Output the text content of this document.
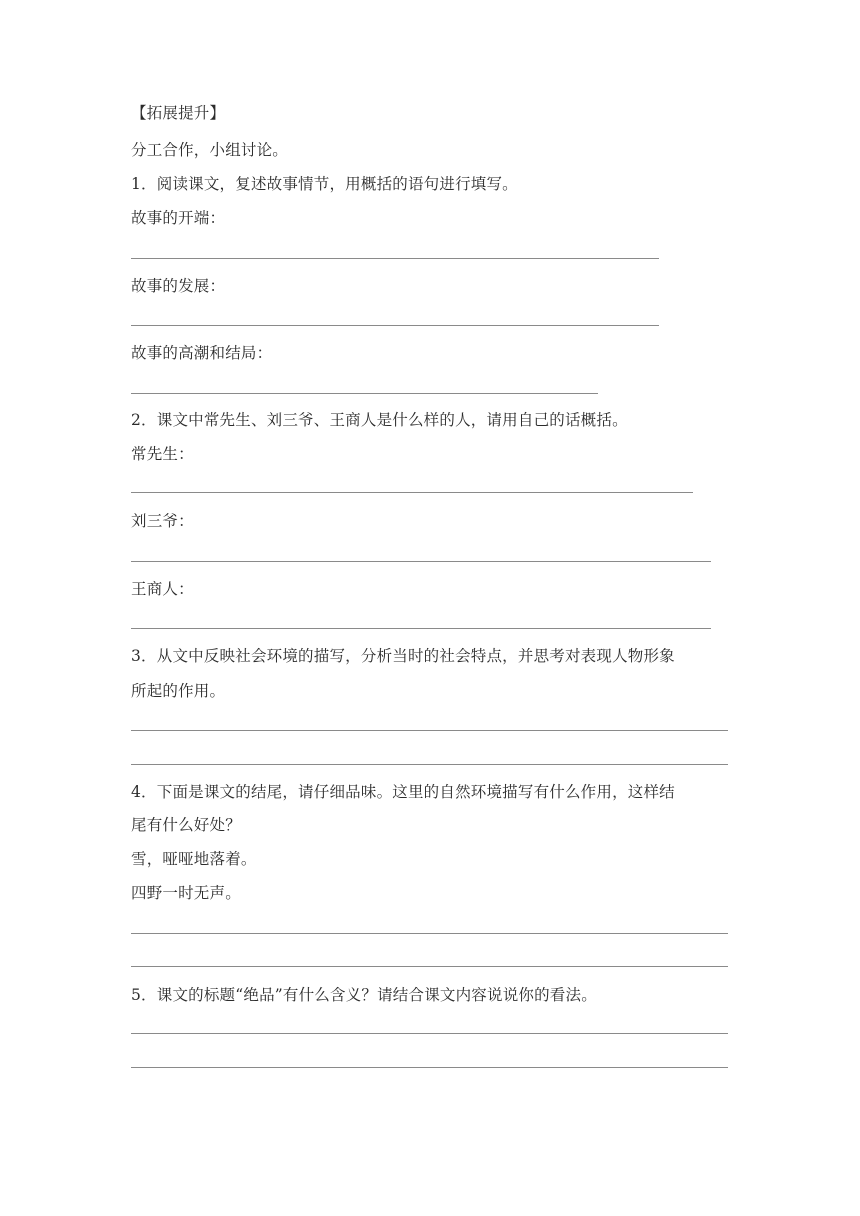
【拓展提升】
分工合作，小组讨论。
1．阅读课文，复述故事情节，用概括的语句进行填写。
故事的开端：
故事的发展：
故事的高潮和结局：
2．课文中常先生、刘三爷、王商人是什么样的人，请用自己的话概括。
常先生：
刘三爷：
王商人：
3．从文中反映社会环境的描写，分析当时的社会特点，并思考对表现人物形象
所起的作用。
4．下面是课文的结尾，请仔细品味。这里的自然环境描写有什么作用，这样结
尾有什么好处？
雪，哑哑地落着。
四野一时无声。
5．课文的标题“绝品”有什么含义？请结合课文内容说说你的看法。
